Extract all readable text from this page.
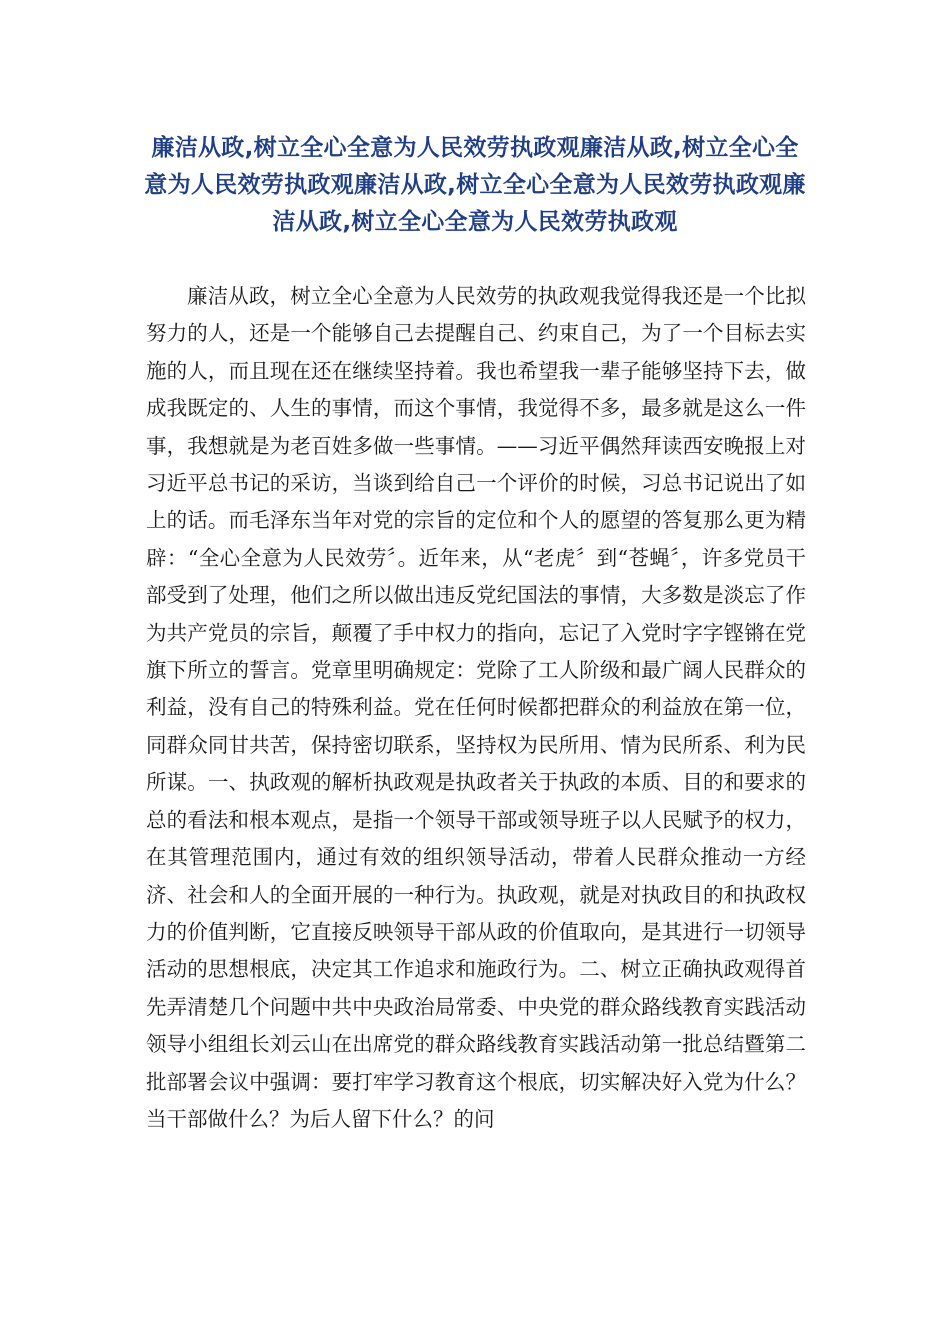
廉洁从政,树立全心全意为人民效劳执政观廉洁从政,树立全心全意为人民效劳执政观廉洁从政,树立全心全意为人民效劳执政观廉洁从政,树立全心全意为人民效劳执政观

廉洁从政，树立全心全意为人民效劳的执政观我觉得我还是一个比拟努力的人，还是一个能够自己去提醒自己、约束自己，为了一个目标去实施的人，而且现在还在继续坚持着。我也希望我一辈子能够坚持下去，做成我既定的、人生的事情，而这个事情，我觉得不多，最多就是这么一件事，我想就是为老百姓多做一些事情。——习近平偶然拜读西安晚报上对习近平总书记的采访，当谈到给自己一个评价的时候，习总书记说出了如上的话。而毛泽东当年对党的宗旨的定位和个人的愿望的答复那么更为精辟：“全心全意为人民效劳〞。近年来，从“老虎〞到“苍蝇〞，许多党员干部受到了处理，他们之所以做出违反党纪国法的事情，大多数是淡忘了作为共产党员的宗旨，颠覆了手中权力的指向，忘记了入党时字字铿锵在党旗下所立的誓言。党章里明确规定：党除了工人阶级和最广阔人民群众的利益，没有自己的特殊利益。党在任何时候都把群众的利益放在第一位，同群众同甘共苦，保持密切联系，坚持权为民所用、情为民所系、利为民所谋。一、执政观的解析执政观是执政者关于执政的本质、目的和要求的总的看法和根本观点，是指一个领导干部或领导班子以人民赋予的权力，在其管理范围内，通过有效的组织领导活动，带着人民群众推动一方经济、社会和人的全面开展的一种行为。执政观，就是对执政目的和执政权力的价值判断，它直接反映领导干部从政的价值取向，是其进行一切领导活动的思想根底，决定其工作追求和施政行为。二、树立正确执政观得首先弄清楚几个问题中共中央政治局常委、中央党的群众路线教育实践活动领导小组组长刘云山在出席党的群众路线教育实践活动第一批总结暨第二批部署会议中强调：要打牢学习教育这个根底，切实解决好入党为什么？当干部做什么？为后人留下什么？的问
